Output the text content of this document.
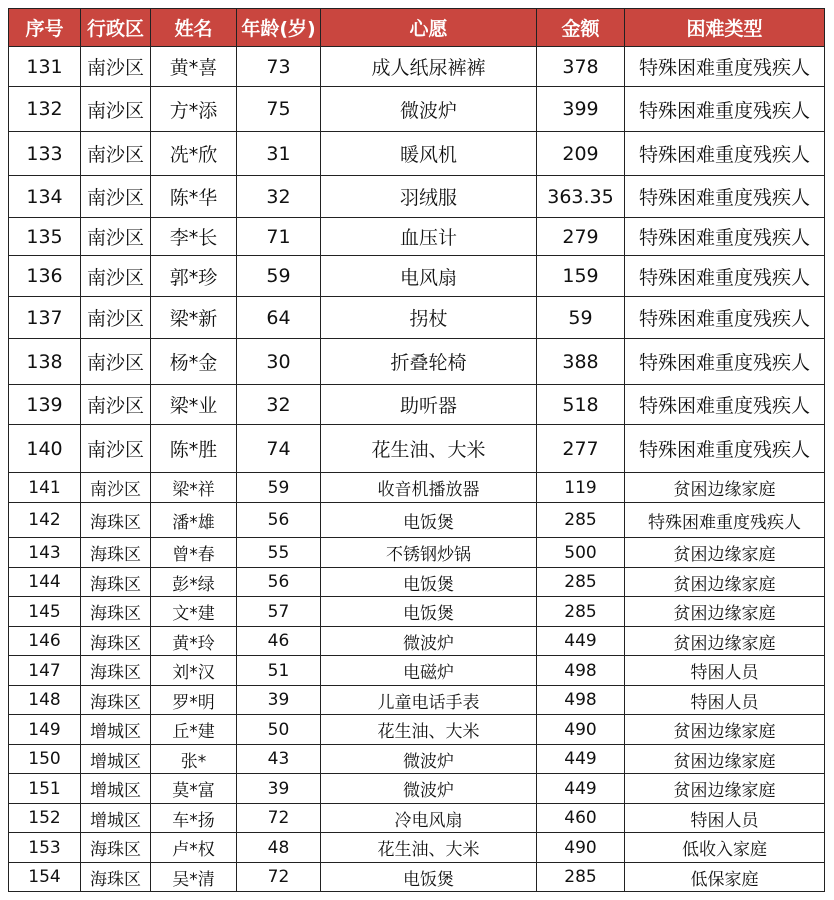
序号	行政区	姓名	年龄(岁)	心愿	金额	困难类型
131	南沙区	黄*喜	73	成人纸尿裤裤	378	特殊困难重度残疾人
132	南沙区	方*添	75	微波炉	399	特殊困难重度残疾人
133	南沙区	冼*欣	31	暖风机	209	特殊困难重度残疾人
134	南沙区	陈*华	32	羽绒服	363.35	特殊困难重度残疾人
135	南沙区	李*长	71	血压计	279	特殊困难重度残疾人
136	南沙区	郭*珍	59	电风扇	159	特殊困难重度残疾人
137	南沙区	梁*新	64	拐杖	59	特殊困难重度残疾人
138	南沙区	杨*金	30	折叠轮椅	388	特殊困难重度残疾人
139	南沙区	梁*业	32	助听器	518	特殊困难重度残疾人
140	南沙区	陈*胜	74	花生油、大米	277	特殊困难重度残疾人
141	南沙区	梁*祥	59	收音机播放器	119	贫困边缘家庭
142	海珠区	潘*雄	56	电饭煲	285	特殊困难重度残疾人
143	海珠区	曾*春	55	不锈钢炒锅	500	贫困边缘家庭
144	海珠区	彭*绿	56	电饭煲	285	贫困边缘家庭
145	海珠区	文*建	57	电饭煲	285	贫困边缘家庭
146	海珠区	黄*玲	46	微波炉	449	贫困边缘家庭
147	海珠区	刘*汉	51	电磁炉	498	特困人员
148	海珠区	罗*明	39	儿童电话手表	498	特困人员
149	增城区	丘*建	50	花生油、大米	490	贫困边缘家庭
150	增城区	张*	43	微波炉	449	贫困边缘家庭
151	增城区	莫*富	39	微波炉	449	贫困边缘家庭
152	增城区	车*扬	72	冷电风扇	460	特困人员
153	海珠区	卢*权	48	花生油、大米	490	低收入家庭
154	海珠区	吴*清	72	电饭煲	285	低保家庭
